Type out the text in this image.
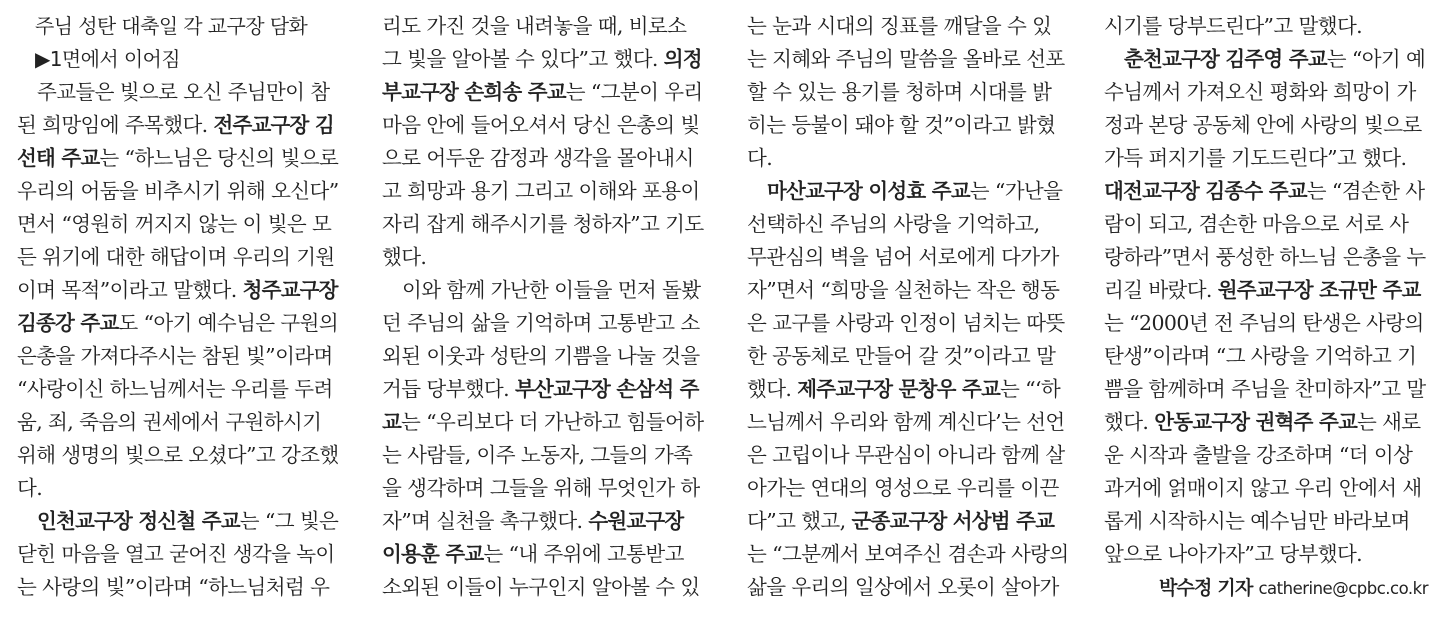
주님 성탄 대축일 각 교구장 담화
▶1면에서 이어짐
주교들은 빛으로 오신 주님만이 참
된 희망임에 주목했다. 전주교구장 김
선태 주교는 “하느님은 당신의 빛으로
우리의 어둠을 비추시기 위해 오신다”
면서 “영원히 꺼지지 않는 이 빛은 모
든 위기에 대한 해답이며 우리의 기원
이며 목적”이라고 말했다. 청주교구장
김종강 주교도 “아기 예수님은 구원의
은총을 가져다주시는 참된 빛”이라며
“사랑이신 하느님께서는 우리를 두려
움, 죄, 죽음의 권세에서 구원하시기
위해 생명의 빛으로 오셨다”고 강조했
다.
인천교구장 정신철 주교는 “그 빛은
닫힌 마음을 열고 굳어진 생각을 녹이
는 사랑의 빛”이라며 “하느님처럼 우
리도 가진 것을 내려놓을 때, 비로소
그 빛을 알아볼 수 있다”고 했다. 의정
부교구장 손희송 주교는 “그분이 우리
마음 안에 들어오셔서 당신 은총의 빛
으로 어두운 감정과 생각을 몰아내시
고 희망과 용기 그리고 이해와 포용이
자리 잡게 해주시기를 청하자”고 기도
했다.
이와 함께 가난한 이들을 먼저 돌봤
던 주님의 삶을 기억하며 고통받고 소
외된 이웃과 성탄의 기쁨을 나눌 것을
거듭 당부했다. 부산교구장 손삼석 주
교는 “우리보다 더 가난하고 힘들어하
는 사람들, 이주 노동자, 그들의 가족
을 생각하며 그들을 위해 무엇인가 하
자”며 실천을 촉구했다. 수원교구장
이용훈 주교는 “내 주위에 고통받고
소외된 이들이 누구인지 알아볼 수 있
는 눈과 시대의 징표를 깨달을 수 있
는 지혜와 주님의 말씀을 올바로 선포
할 수 있는 용기를 청하며 시대를 밝
히는 등불이 돼야 할 것”이라고 밝혔
다.
마산교구장 이성효 주교는 “가난을
선택하신 주님의 사랑을 기억하고,
무관심의 벽을 넘어 서로에게 다가가
자”면서 “희망을 실천하는 작은 행동
은 교구를 사랑과 인정이 넘치는 따뜻
한 공동체로 만들어 갈 것”이라고 말
했다. 제주교구장 문창우 주교는 “‘하
느님께서 우리와 함께 계신다’는 선언
은 고립이나 무관심이 아니라 함께 살
아가는 연대의 영성으로 우리를 이끈
다”고 했고, 군종교구장 서상범 주교
는 “그분께서 보여주신 겸손과 사랑의
삶을 우리의 일상에서 오롯이 살아가
시기를 당부드린다”고 말했다.
춘천교구장 김주영 주교는 “아기 예
수님께서 가져오신 평화와 희망이 가
정과 본당 공동체 안에 사랑의 빛으로
가득 퍼지기를 기도드린다”고 했다.
대전교구장 김종수 주교는 “겸손한 사
람이 되고, 겸손한 마음으로 서로 사
랑하라”면서 풍성한 하느님 은총을 누
리길 바랐다. 원주교구장 조규만 주교
는 “2000년 전 주님의 탄생은 사랑의
탄생”이라며 “그 사랑을 기억하고 기
쁨을 함께하며 주님을 찬미하자”고 말
했다. 안동교구장 권혁주 주교는 새로
운 시작과 출발을 강조하며 “더 이상
과거에 얽매이지 않고 우리 안에서 새
롭게 시작하시는 예수님만 바라보며
앞으로 나아가자”고 당부했다.
박수정 기자 catherine@cpbc.co.kr
